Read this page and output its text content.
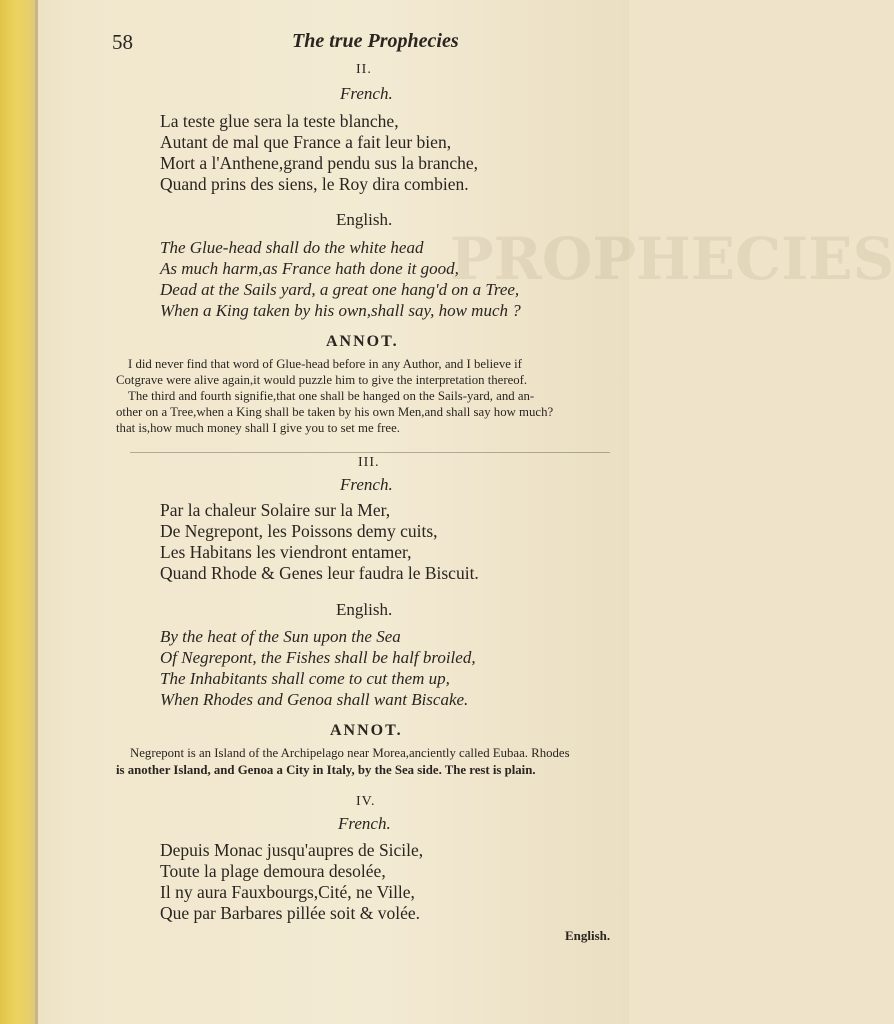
PROPHECIES
58	The true Prophecies
II.
French.
La teste glue sera la teste blanche,
Autant de mal que France a fait leur bien,
Mort a l'Anthene,grand pendu sus la branche,
Quand prins des siens, le Roy dira combien.
English.
The Glue-head shall do the white head
As much harm,as France hath done it good,
Dead at the Sails yard, a great one hang'd on a Tree,
When a King taken by his own,shall say, how much ?
ANNOT.
I did never find that word of Glue-head before in any Author, and I believe if
Cotgrave were alive again,it would puzzle him to give the interpretation thereof.
The third and fourth signifie,that one shall be hanged on the Sails-yard, and an-
other on a Tree,when a King shall be taken by his own Men,and shall say how much?
that is,how much money shall I give you to set me free.
III.
French.
Par la chaleur Solaire sur la Mer,
De Negrepont, les Poissons demy cuits,
Les Habitans les viendront entamer,
Quand Rhode & Genes leur faudra le Biscuit.
English.
By the heat of the Sun upon the Sea
Of Negrepont, the Fishes shall be half broiled,
The Inhabitants shall come to cut them up,
When Rhodes and Genoa shall want Biscake.
ANNOT.
Negrepont is an Island of the Archipelago near Morea,anciently called Eubaa. Rhodes
is another Island, and Genoa a City in Italy, by the Sea side. The rest is plain.
IV.
French.
Depuis Monac jusqu'aupres de Sicile,
Toute la plage demoura desolée,
Il ny aura Fauxbourgs,Cité, ne Ville,
Que par Barbares pillée soit & volée.
English.
